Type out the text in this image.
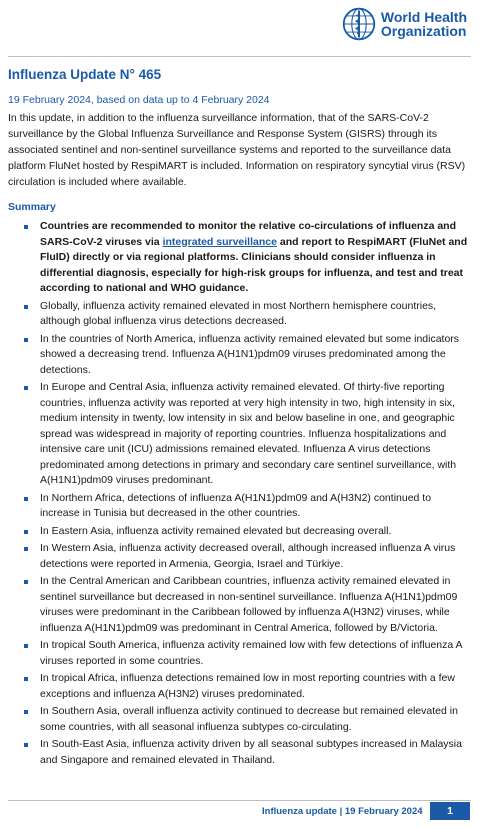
World Health
Organization
Influenza Update N° 465
19 February 2024, based on data up to 4 February 2024
In this update, in addition to the influenza surveillance information, that of the SARS-CoV-2 surveillance by the Global Influenza Surveillance and Response System (GISRS) through its associated sentinel and non-sentinel surveillance systems and reported to the surveillance data platform FluNet hosted by RespiMART is included. Information on respiratory syncytial virus (RSV) circulation is included where available.
Summary
Countries are recommended to monitor the relative co-circulations of influenza and SARS-CoV-2 viruses via integrated surveillance and report to RespiMART (FluNet and FluID) directly or via regional platforms. Clinicians should consider influenza in differential diagnosis, especially for high-risk groups for influenza, and test and treat according to national and WHO guidance.
Globally, influenza activity remained elevated in most Northern hemisphere countries, although global influenza virus detections decreased.
In the countries of North America, influenza activity remained elevated but some indicators showed a decreasing trend. Influenza A(H1N1)pdm09 viruses predominated among the detections.
In Europe and Central Asia, influenza activity remained elevated. Of thirty-five reporting countries, influenza activity was reported at very high intensity in two, high intensity in six, medium intensity in twenty, low intensity in six and below baseline in one, and geographic spread was widespread in majority of reporting countries. Influenza hospitalizations and intensive care unit (ICU) admissions remained elevated. Influenza A virus detections predominated among detections in primary and secondary care sentinel surveillance, with A(H1N1)pdm09 viruses predominant.
In Northern Africa, detections of influenza A(H1N1)pdm09 and A(H3N2) continued to increase in Tunisia but decreased in the other countries.
In Eastern Asia, influenza activity remained elevated but decreasing overall.
In Western Asia, influenza activity decreased overall, although increased influenza A virus detections were reported in Armenia, Georgia, Israel and Türkiye.
In the Central American and Caribbean countries, influenza activity remained elevated in sentinel surveillance but decreased in non-sentinel surveillance. Influenza A(H1N1)pdm09 viruses were predominant in the Caribbean followed by influenza A(H3N2) viruses, while influenza A(H1N1)pdm09 was predominant in Central America, followed by B/Victoria.
In tropical South America, influenza activity remained low with few detections of influenza A viruses reported in some countries.
In tropical Africa, influenza detections remained low in most reporting countries with a few exceptions and influenza A(H3N2) viruses predominated.
In Southern Asia, overall influenza activity continued to decrease but remained elevated in some countries, with all seasonal influenza subtypes co-circulating.
In South-East Asia, influenza activity driven by all seasonal subtypes increased in Malaysia and Singapore and remained elevated in Thailand.
Influenza update | 19 February 2024	1
